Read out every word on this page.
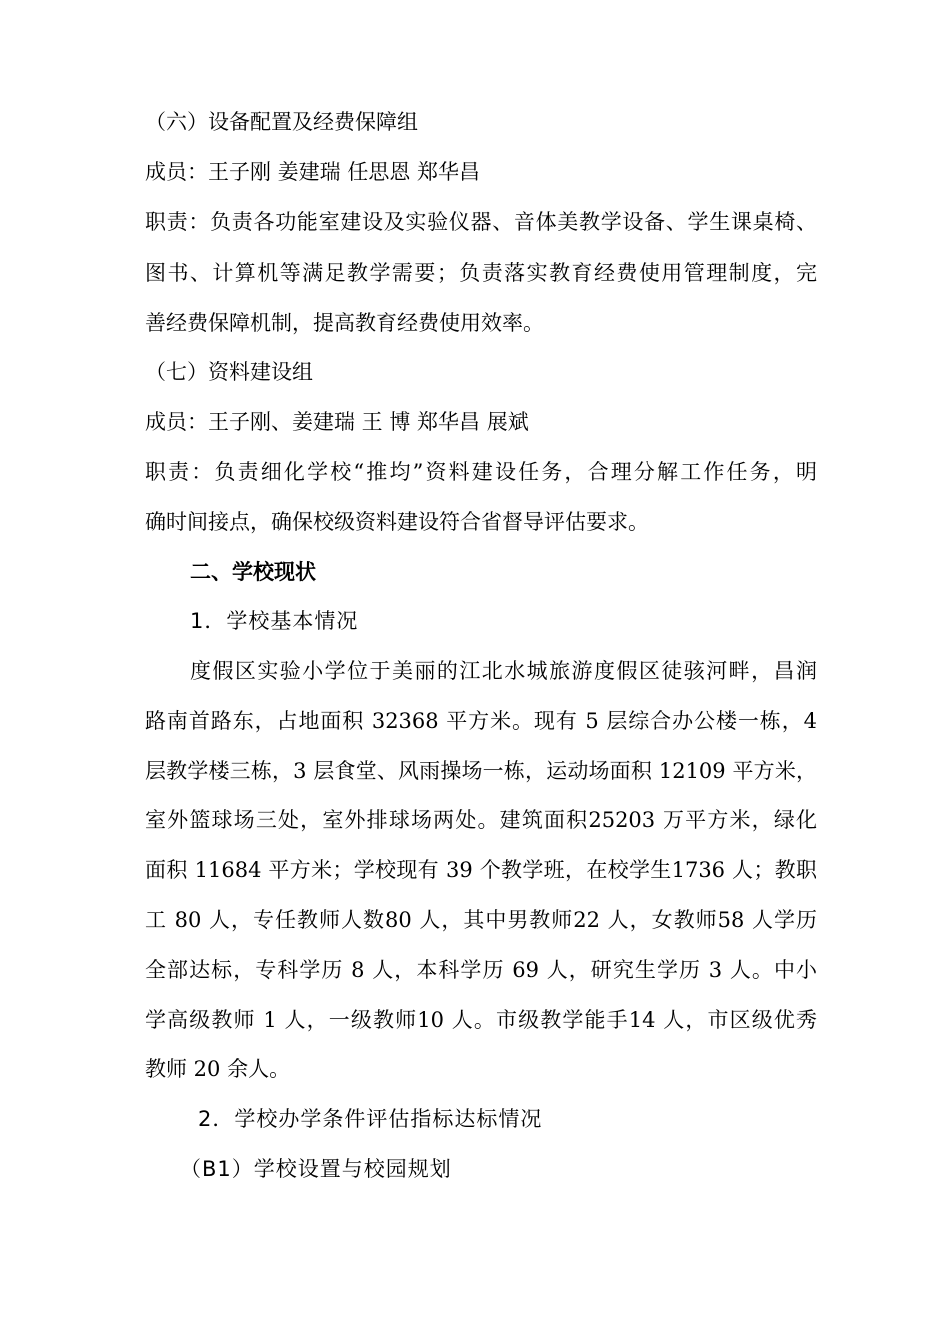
（六）设备配置及经费保障组
成员：王子刚 姜建瑞 任思恩 郑华昌
职责：负责各功能室建设及实验仪器、音体美教学设备、学生课桌椅、
图书、计算机等满足教学需要；负责落实教育经费使用管理制度，完
善经费保障机制，提高教育经费使用效率。
（七）资料建设组
成员：王子刚、姜建瑞 王 博 郑华昌 展斌
职责：负责细化学校“推均”资料建设任务，合理分解工作任务，明
确时间接点，确保校级资料建设符合省督导评估要求。
二、学校现状
1．学校基本情况
度假区实验小学位于美丽的江北水城旅游度假区徒骇河畔，昌润
路南首路东，占地面积 32368 平方米。现有 5 层综合办公楼一栋，4
层教学楼三栋，3 层食堂、风雨操场一栋，运动场面积 12109 平方米，
室外篮球场三处，室外排球场两处。建筑面积25203 万平方米，绿化
面积 11684 平方米；学校现有 39 个教学班，在校学生1736 人；教职
工 80 人，专任教师人数80 人，其中男教师22 人，女教师58 人学历
全部达标，专科学历 8 人，本科学历 69 人，研究生学历 3 人。中小
学高级教师 1 人，一级教师10 人。市级教学能手14 人，市区级优秀
教师 20 余人。
2．学校办学条件评估指标达标情况
（B1）学校设置与校园规划
